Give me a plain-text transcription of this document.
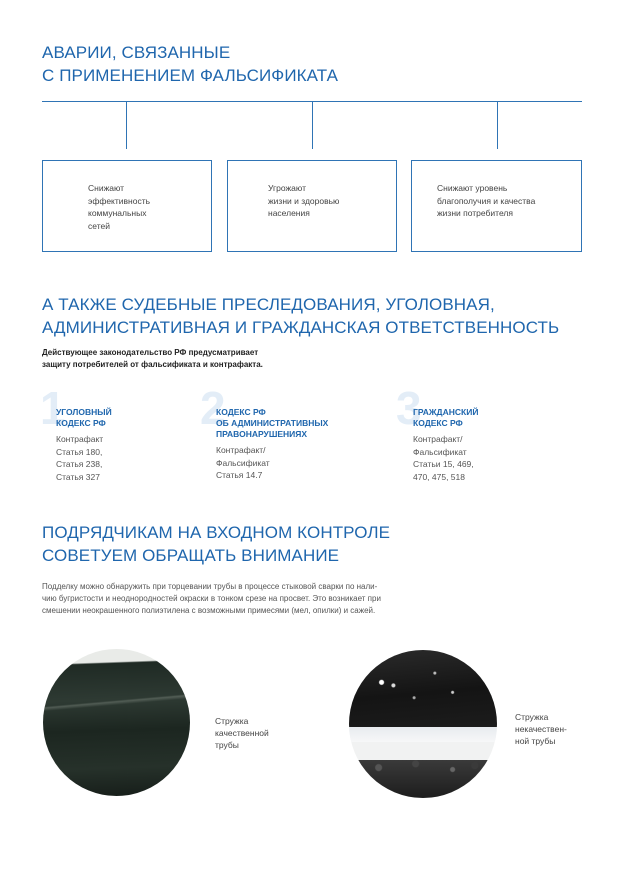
АВАРИИ, СВЯЗАННЫЕ
С ПРИМЕНЕНИЕМ ФАЛЬСИФИКАТА
Снижают
эффективность
коммунальных
сетей
Угрожают
жизни и здоровью
населения
Снижают уровень
благополучия и качества
жизни потребителя
А ТАКЖЕ СУДЕБНЫЕ ПРЕСЛЕДОВАНИЯ, УГОЛОВНАЯ,
АДМИНИСТРАТИВНАЯ И ГРАЖДАНСКАЯ ОТВЕТСТВЕННОСТЬ
Действующее законодательство РФ предусматривает
защиту потребителей от фальсификата и контрафакта.
1
УГОЛОВНЫЙ
КОДЕКС РФ
Контрафакт
Статья 180,
Статья 238,
Статья 327
2
КОДЕКС РФ
ОБ АДМИНИСТРАТИВНЫХ
ПРАВОНАРУШЕНИЯХ
Контрафакт/
Фальсификат
Статья 14.7
3
ГРАЖДАНСКИЙ
КОДЕКС РФ
Контрафакт/
Фальсификат
Статьи 15, 469,
470, 475, 518
ПОДРЯДЧИКАМ НА ВХОДНОМ КОНТРОЛЕ
СОВЕТУЕМ ОБРАЩАТЬ ВНИМАНИЕ
Подделку можно обнаружить при торцевании трубы в процессе стыковой сварки по нали-
чию бугристости и неоднородностей окраски в тонком срезе на просвет. Это возникает при
смешении неокрашенного полиэтилена с возможными примесями (мел, опилки) и сажей.
Стружка
качественной
трубы
Стружка
некачествен-
ной трубы
